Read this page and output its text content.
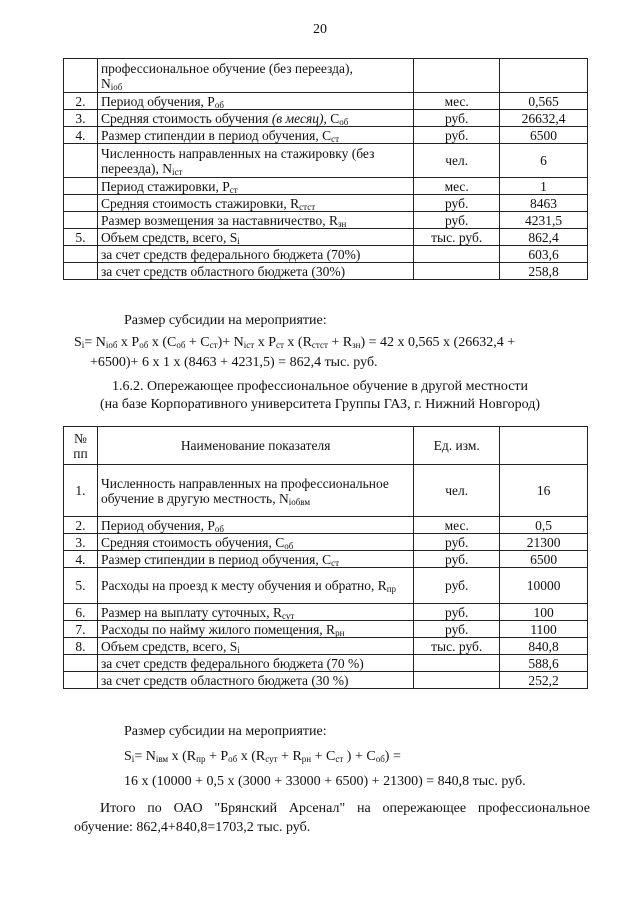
20
	профессиональное обучение (без переезда),
$N_{iоб}$		
2.	Период обучения, $P_{об}$	мес.	0,565
3.	Средняя стоимость обучения (в месяц), $C_{об}$	руб.	26632,4
4.	Размер стипендии в период обучения, $C_{ст}$	руб.	6500
	Численность направленных на стажировку (без переезда), $N_{iст}$	чел.	6
	Период стажировки, $P_{ст}$	мес.	1
	Средняя стоимость стажировки, $R_{стст}$	руб.	8463
	Размер возмещения за наставничество, $R_{зн}$	руб.	4231,5
5.	Объем средств, всего, $S_i$	тыс. руб.	862,4
	за счет средств федерального бюджета (70%)		603,6
	за счет средств областного бюджета (30%)		258,8
Размер субсидии на мероприятие:
$S_i= N_{iоб}$ x $P_{об}$ x $(C_{об} + C_{ст})+ N_{iст}$ x $P_{ст}$ x $(R_{стст} + R_{зн}) = 42$ x 0,565 x (26632,4 +
+6500)+ 6 x 1 x (8463 + 4231,5) = 862,4 тыс. руб.
1.6.2. Опережающее профессиональное обучение в другой местности
(на базе Корпоративного университета Группы ГАЗ, г. Нижний Новгород)
№ пп	Наименование показателя	Ед. изм.	
1.	Численность направленных на профессиональное обучение в другую местность, $N_{iобвм}$	чел.	16
2.	Период обучения, $P_{об}$	мес.	0,5
3.	Средняя стоимость обучения, $C_{об}$	руб.	21300
4.	Размер стипендии в период обучения, $C_{ст}$	руб.	6500
5.	Расходы на проезд к месту обучения и обратно, $R_{пр}$	руб.	10000
6.	Размер на выплату суточных, $R_{сут}$	руб.	100
7.	Расходы по найму жилого помещения, $R_{рн}$	руб.	1100
8.	Объем средств, всего, $S_i$	тыс. руб.	840,8
	за счет средств федерального бюджета (70 %)		588,6
	за счет средств областного бюджета (30 %)		252,2
Размер субсидии на мероприятие:
$S_i= N_{iвм}$ x ($R_{пр} + P_{об}$ x ($R_{сут} + R_{рн} + C_{ст}$ ) + $C_{об}$) =
16 x (10000 + 0,5 x (3000 + 33000 + 6500) + 21300) = 840,8 тыс. руб.
Итого по ОАО "Брянский Арсенал" на опережающее профессиональное
обучение: 862,4+840,8=1703,2 тыс. руб.
